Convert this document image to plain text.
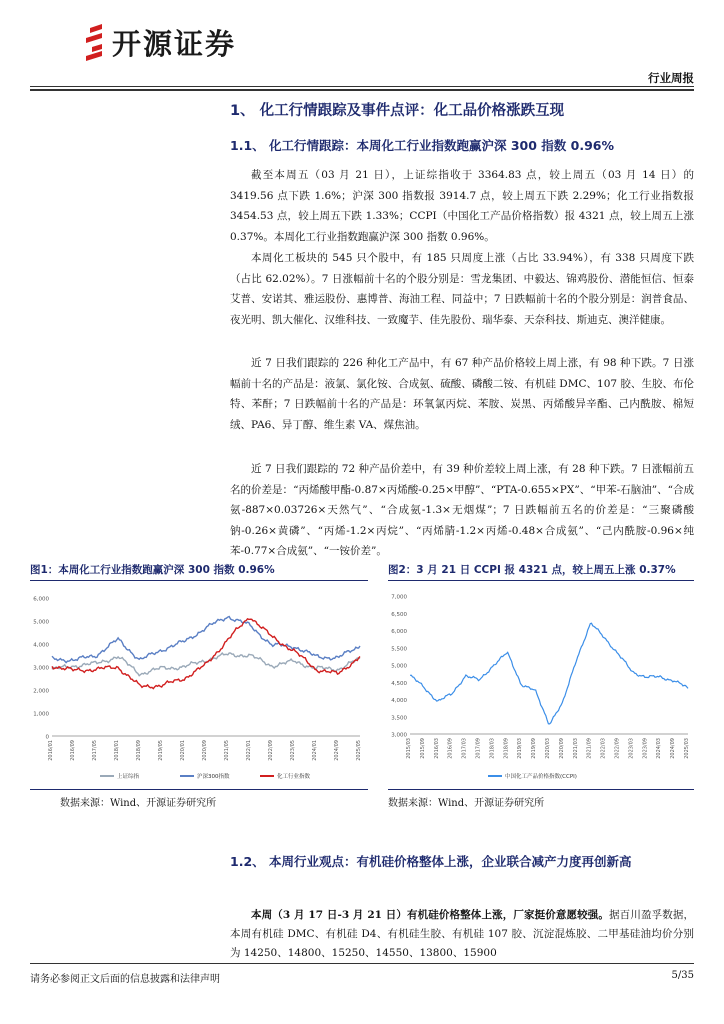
开源证券
行业周报
1、 化工行情跟踪及事件点评：化工品价格涨跌互现
1.1、 化工行情跟踪：本周化工行业指数跑赢沪深 300 指数 0.96%

截至本周五（03 月 21 日），上证综指收于 3364.83 点，较上周五（03 月 14 日）的 3419.56 点下跌 1.6%；沪深 300 指数报 3914.7 点，较上周五下跌 2.29%；化工行业指数报 3454.53 点，较上周五下跌 1.33%；CCPI（中国化工产品价格指数）报 4321 点，较上周五上涨 0.37%。本周化工行业指数跑赢沪深 300 指数 0.96%。

本周化工板块的 545 只个股中，有 185 只周度上涨（占比 33.94%），有 338 只周度下跌（占比 62.02%）。7 日涨幅前十名的个股分别是：雪龙集团、中毅达、锦鸡股份、潜能恒信、恒泰艾普、安诺其、雅运股份、惠博普、海油工程、同益中；7 日跌幅前十名的个股分别是：润普食品、夜光明、凯大催化、汉维科技、一致魔芋、佳先股份、瑞华泰、天奈科技、斯迪克、澳洋健康。

近 7 日我们跟踪的 226 种化工产品中，有 67 种产品价格较上周上涨，有 98 种下跌。7 日涨幅前十名的产品是：液氯、氯化铵、合成氨、硫酸、磷酸二铵、有机硅 DMC、107 胶、生胶、布伦特、苯酐；7 日跌幅前十名的产品是：环氧氯丙烷、苯胺、炭黑、丙烯酸异辛酯、己内酰胺、棉短绒、PA6、异丁醇、维生素 VA、煤焦油。

近 7 日我们跟踪的 72 种产品价差中，有 39 种价差较上周上涨，有 28 种下跌。7 日涨幅前五名的价差是：“丙烯酸甲酯-0.87×丙烯酸-0.25×甲醇”、“PTA-0.655×PX”、“甲苯-石脑油”、“合成氨-887×0.03726×天然气”、“合成氨-1.3×无烟煤”；7 日跌幅前五名的价差是：“三聚磷酸钠-0.26×黄磷”、“丙烯-1.2×丙烷”、“丙烯腈-1.2×丙烯-0.48×合成氨”、“己内酰胺-0.96×纯苯-0.77×合成氨”、“一铵价差”。

图1：本周化工行业指数跑赢沪深 300 指数 0.96%
0
1,000
2,000
3,000
4,000
5,000
6,000
2016/01	2016/09	2017/05	2018/01	2018/09	2019/05	2020/01	2020/09	2021/05	2022/01	2022/09	2023/05	2024/01	2024/09	2025/05
上证综指	沪深300指数	化工行业指数
数据来源：Wind、开源证券研究所
图2：3 月 21 日 CCPI 报 4321 点，较上周五上涨 0.37%
3,000
3,500
4,000
4,500
5,000
5,500
6,000
6,500
7,000
2015/03 2015/09 2016/03 2016/09 2017/03 2017/09 2018/03 2018/09 2019/03 2019/09 2020/03 2020/09 2021/03 2021/09 2022/03 2022/09 2023/03 2023/09 2024/03 2024/09 2025/03
中国化工产品价格指数(CCPI)
数据来源：Wind、开源证券研究所
1.2、 本周行业观点：有机硅价格整体上涨，企业联合减产力度再创新高

本周（3 月 17 日-3 月 21 日）有机硅价格整体上涨，厂家挺价意愿较强。据百川盈孚数据，本周有机硅 DMC、有机硅 D4、有机硅生胶、有机硅 107 胶、沉淀混炼胶、二甲基硅油均价分别为 14250、14800、15250、14550、13800、15900

请务必参阅正文后面的信息披露和法律声明	5/35
